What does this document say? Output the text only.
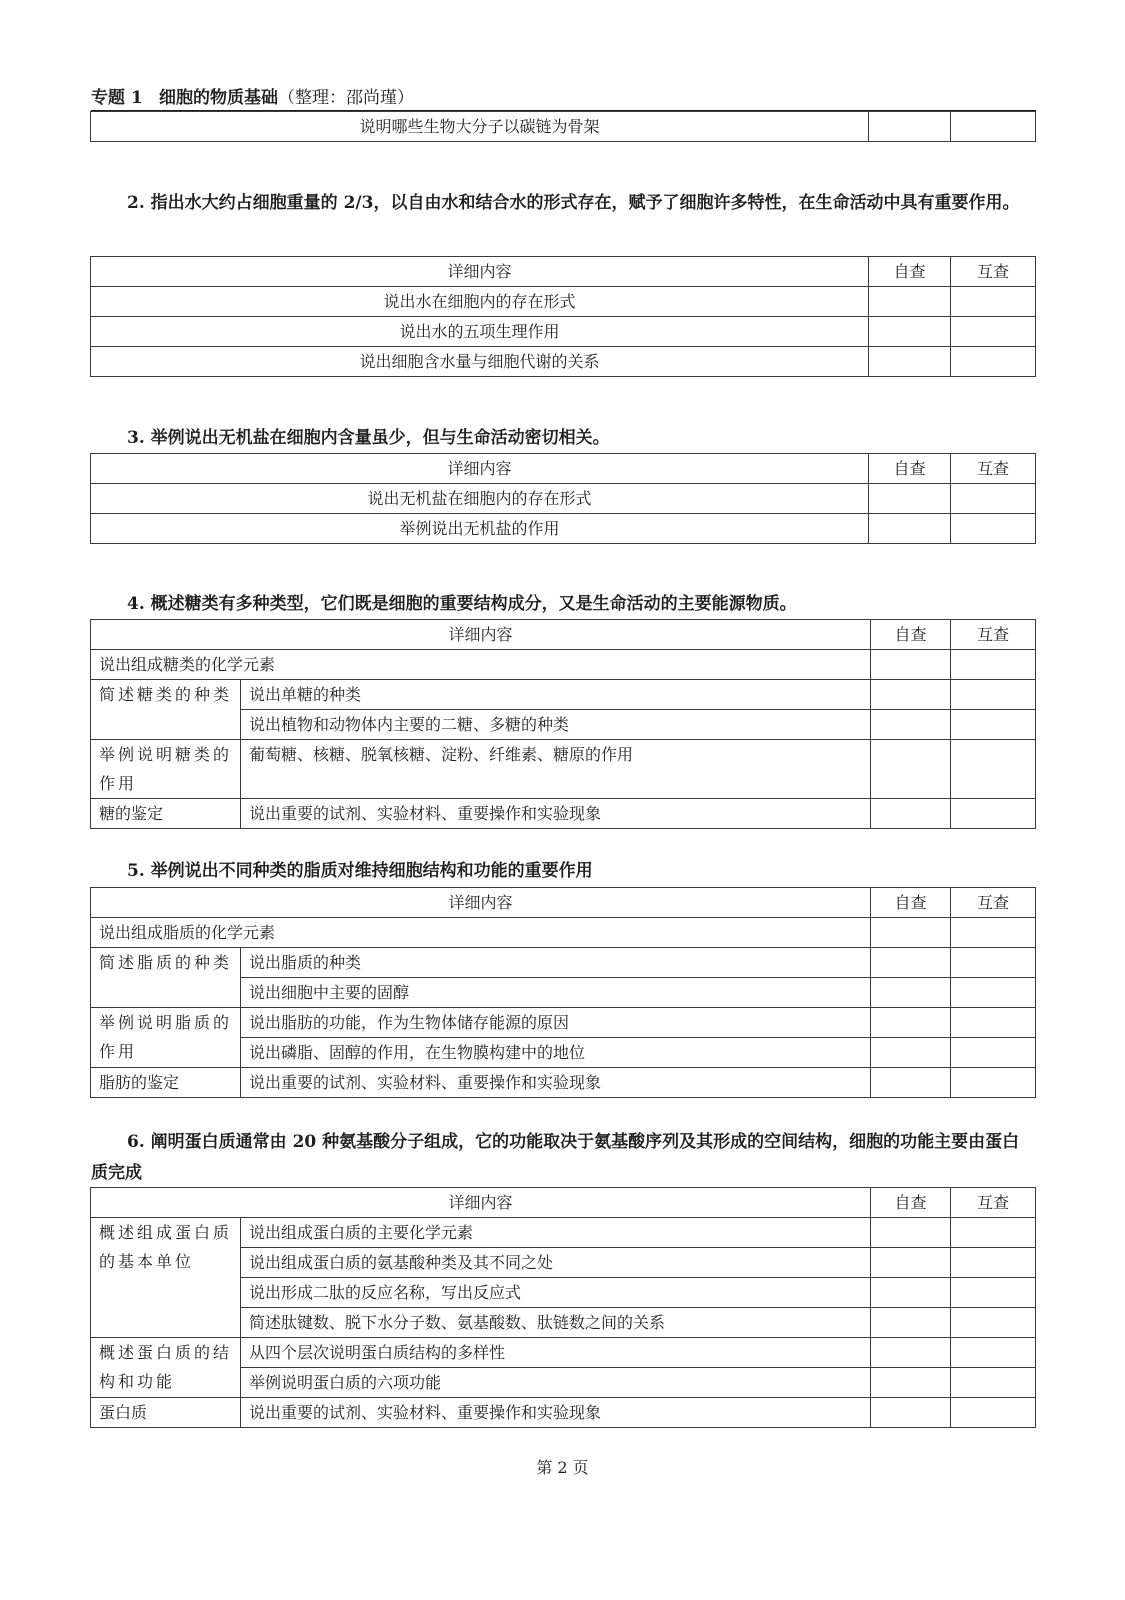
专题 1 细胞的物质基础（整理：邵尚瑾）
说明哪些生物大分子以碳链为骨架		
2. 指出水大约占细胞重量的 2/3，以自由水和结合水的形式存在，赋予了细胞许多特性，在生命活动中具有重要作用。
详细内容	自查	互查
说出水在细胞内的存在形式		
说出水的五项生理作用		
说出细胞含水量与细胞代谢的关系		
3. 举例说出无机盐在细胞内含量虽少，但与生命活动密切相关。
详细内容	自查	互查
说出无机盐在细胞内的存在形式		
举例说出无机盐的作用		
4. 概述糖类有多种类型，它们既是细胞的重要结构成分，又是生命活动的主要能源物质。
详细内容		自查	互查
说出组成糖类的化学元素			
简述糖类的种类	说出单糖的种类		
	说出植物和动物体内主要的二糖、多糖的种类		
举例说明糖类的作用	葡萄糖、核糖、脱氧核糖、淀粉、纤维素、糖原的作用		
糖的鉴定	说出重要的试剂、实验材料、重要操作和实验现象		
5. 举例说出不同种类的脂质对维持细胞结构和功能的重要作用
详细内容		自查	互查
说出组成脂质的化学元素			
简述脂质的种类	说出脂质的种类		
	说出细胞中主要的固醇		
举例说明脂质的作用	说出脂肪的功能，作为生物体储存能源的原因		
	说出磷脂、固醇的作用，在生物膜构建中的地位		
脂肪的鉴定	说出重要的试剂、实验材料、重要操作和实验现象		
6. 阐明蛋白质通常由 20 种氨基酸分子组成，它的功能取决于氨基酸序列及其形成的空间结构，细胞的功能主要由蛋白质完成
详细内容		自查	互查
概述组成蛋白质的基本单位	说出组成蛋白质的主要化学元素		
	说出组成蛋白质的氨基酸种类及其不同之处		
	说出形成二肽的反应名称，写出反应式		
	简述肽键数、脱下水分子数、氨基酸数、肽链数之间的关系		
概述蛋白质的结构和功能	从四个层次说明蛋白质结构的多样性		
	举例说明蛋白质的六项功能		
蛋白质	说出重要的试剂、实验材料、重要操作和实验现象		
第 2 页
